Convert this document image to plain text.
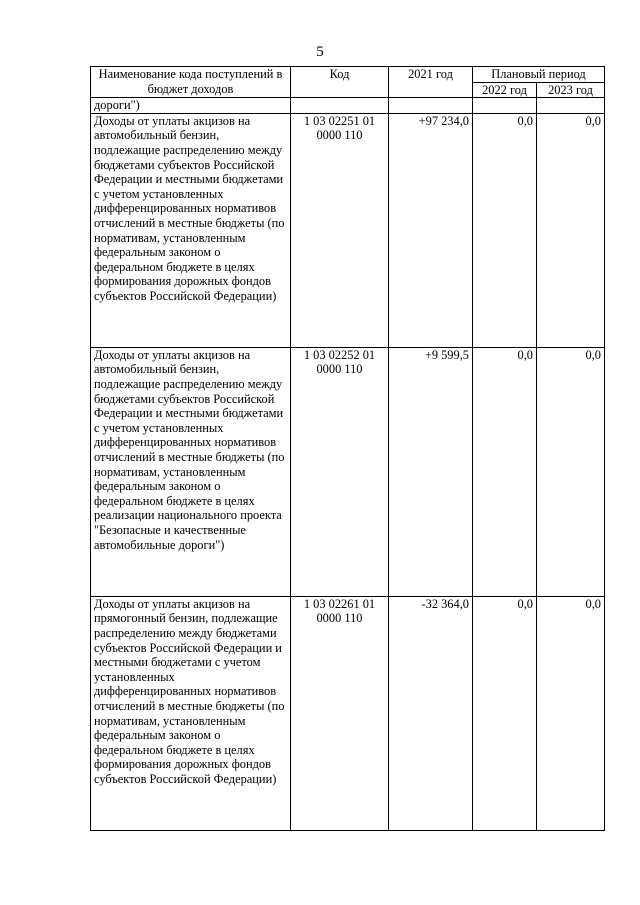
5
Наименование кода поступлений в бюджет доходов	Код	2021 год	Плановый период	
			2022 год	2023 год
дороги")				
Доходы от уплаты акцизов на автомобильный бензин, подлежащие распределению между бюджетами субъектов Российской Федерации и местными бюджетами с учетом установленных дифференцированных нормативов отчислений в местные бюджеты (по нормативам, установленным федеральным законом о федеральном бюджете в целях формирования дорожных фондов субъектов Российской Федерации)	1 03 02251 01 0000 110	+97 234,0	0,0	0,0
Доходы от уплаты акцизов на автомобильный бензин, подлежащие распределению между бюджетами субъектов Российской Федерации и местными бюджетами с учетом установленных дифференцированных нормативов отчислений в местные бюджеты (по нормативам, установленным федеральным законом о федеральном бюджете в целях реализации национального проекта "Безопасные и качественные автомобильные дороги")	1 03 02252 01 0000 110	+9 599,5	0,0	0,0
Доходы от уплаты акцизов на прямогонный бензин, подлежащие распределению между бюджетами субъектов Российской Федерации и местными бюджетами с учетом установленных дифференцированных нормативов отчислений в местные бюджеты (по нормативам, установленным федеральным законом о федеральном бюджете в целях формирования дорожных фондов субъектов Российской Федерации)	1 03 02261 01 0000 110	-32 364,0	0,0	0,0
